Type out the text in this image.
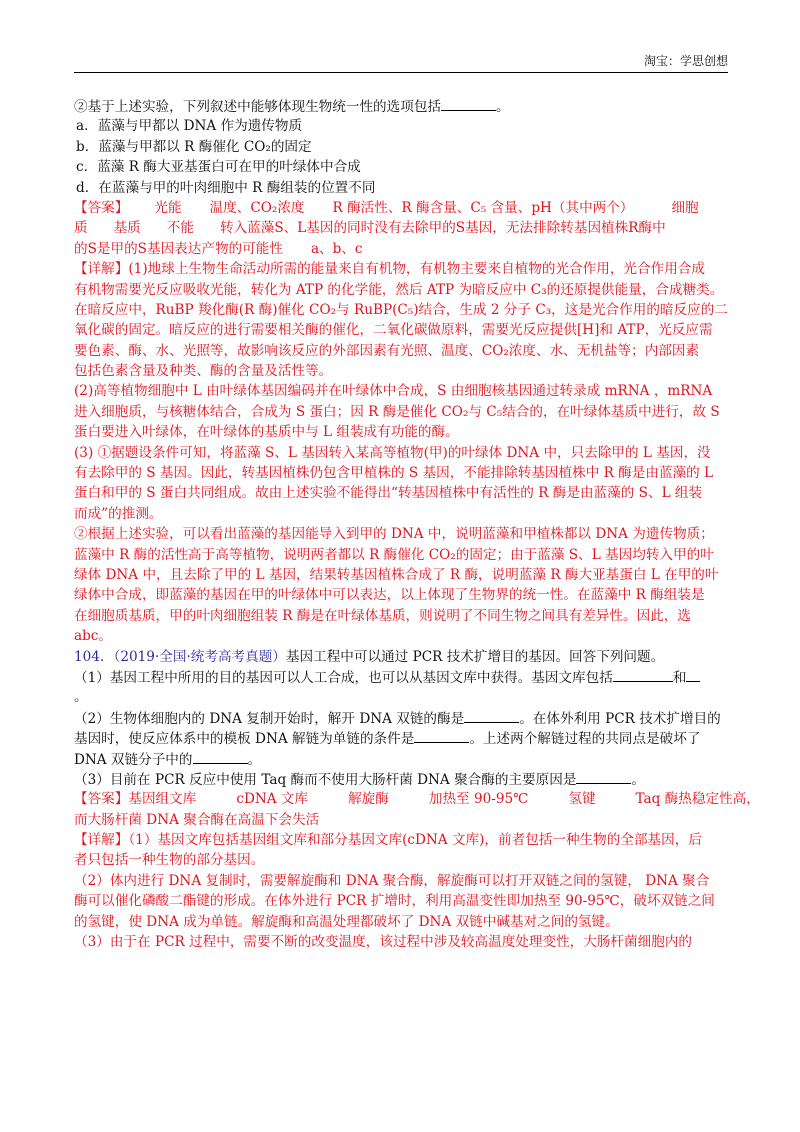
淘宝：学思创想
②基于上述实验，下列叙述中能够体现生物统一性的选项包括	。
a．蓝藻与甲都以 DNA 作为遗传物质
b．蓝藻与甲都以 R 酶催化 CO₂的固定
c．蓝藻 R 酶大亚基蛋白可在甲的叶绿体中合成
d．在蓝藻与甲的叶肉细胞中 R 酶组装的位置不同
【答案】 光能 温度、CO₂浓度 R 酶活性、R 酶含量、C₅ 含量、pH（其中两个）	细胞
质 基质 不能 转入蓝藻S、L基因的同时没有去除甲的S基因，无法排除转基因植株R酶中
的S是甲的S基因表达产物的可能性 a、b、c
【详解】(1)地球上生物生命活动所需的能量来自有机物，有机物主要来自植物的光合作用，光合作用合成
有机物需要光反应吸收光能，转化为 ATP 的化学能，然后 ATP 为暗反应中 C₃的还原提供能量，合成糖类。
在暗反应中，RuBP 羧化酶(R 酶)催化 CO₂与 RuBP(C₅)结合，生成 2 分子 C₃，这是光合作用的暗反应的二
氧化碳的固定。暗反应的进行需要相关酶的催化，二氧化碳做原料，需要光反应提供[H]和 ATP，光反应需
要色素、酶、水、光照等，故影响该反应的外部因素有光照、温度、CO₂浓度、水、无机盐等；内部因素
包括色素含量及种类、酶的含量及活性等。
(2)高等植物细胞中 L 由叶绿体基因编码并在叶绿体中合成，S 由细胞核基因通过转录成 mRNA ，mRNA
进入细胞质，与核糖体结合，合成为 S 蛋白；因 R 酶是催化 CO₂与 C₅结合的，在叶绿体基质中进行，故 S
蛋白要进入叶绿体，在叶绿体的基质中与 L 组装成有功能的酶。
(3) ①据题设条件可知，将蓝藻 S、L 基因转入某高等植物(甲)的叶绿体 DNA 中，只去除甲的 L 基因，没
有去除甲的 S 基因。因此，转基因植株仍包含甲植株的 S 基因，不能排除转基因植株中 R 酶是由蓝藻的 L
蛋白和甲的 S 蛋白共同组成。故由上述实验不能得出“转基因植株中有活性的 R 酶是由蓝藻的 S、L 组装
而成”的推测。
②根据上述实验，可以看出蓝藻的基因能导入到甲的 DNA 中，说明蓝藻和甲植株都以 DNA 为遗传物质；
蓝藻中 R 酶的活性高于高等植物，说明两者都以 R 酶催化 CO₂的固定；由于蓝藻 S、L 基因均转入甲的叶
绿体 DNA 中，且去除了甲的 L 基因，结果转基因植株合成了 R 酶，说明蓝藻 R 酶大亚基蛋白 L 在甲的叶
绿体中合成，即蓝藻的基因在甲的叶绿体中可以表达，以上体现了生物界的统一性。在蓝藻中 R 酶组装是
在细胞质基质，甲的叶肉细胞组装 R 酶是在叶绿体基质，则说明了不同生物之间具有差异性。因此，选
abc。
104．（2019·全国·统考高考真题）基因工程中可以通过 PCR 技术扩增目的基因。回答下列问题。
（1）基因工程中所用的目的基因可以人工合成，也可以从基因文库中获得。基因文库包括	和
。
（2）生物体细胞内的 DNA 复制开始时，解开 DNA 双链的酶是	。在体外利用 PCR 技术扩增目的
基因时，使反应体系中的模板 DNA 解链为单链的条件是	。上述两个解链过程的共同点是破坏了
DNA 双链分子中的	。
（3）目前在 PCR 反应中使用 Taq 酶而不使用大肠杆菌 DNA 聚合酶的主要原因是	。
【答案】基因组文库	cDNA 文库	解旋酶	加热至 90-95℃	氢键	Taq 酶热稳定性高，
而大肠杆菌 DNA 聚合酶在高温下会失活
【详解】（1）基因文库包括基因组文库和部分基因文库(cDNA 文库)，前者包括一种生物的全部基因，后
者只包括一种生物的部分基因。
（2）体内进行 DNA 复制时，需要解旋酶和 DNA 聚合酶，解旋酶可以打开双链之间的氢键， DNA 聚合
酶可以催化磷酸二酯键的形成。在体外进行 PCR 扩增时，利用高温变性即加热至 90-95℃，破坏双链之间
的氢键，使 DNA 成为单链。解旋酶和高温处理都破坏了 DNA 双链中碱基对之间的氢键。
（3）由于在 PCR 过程中，需要不断的改变温度，该过程中涉及较高温度处理变性，大肠杆菌细胞内的
